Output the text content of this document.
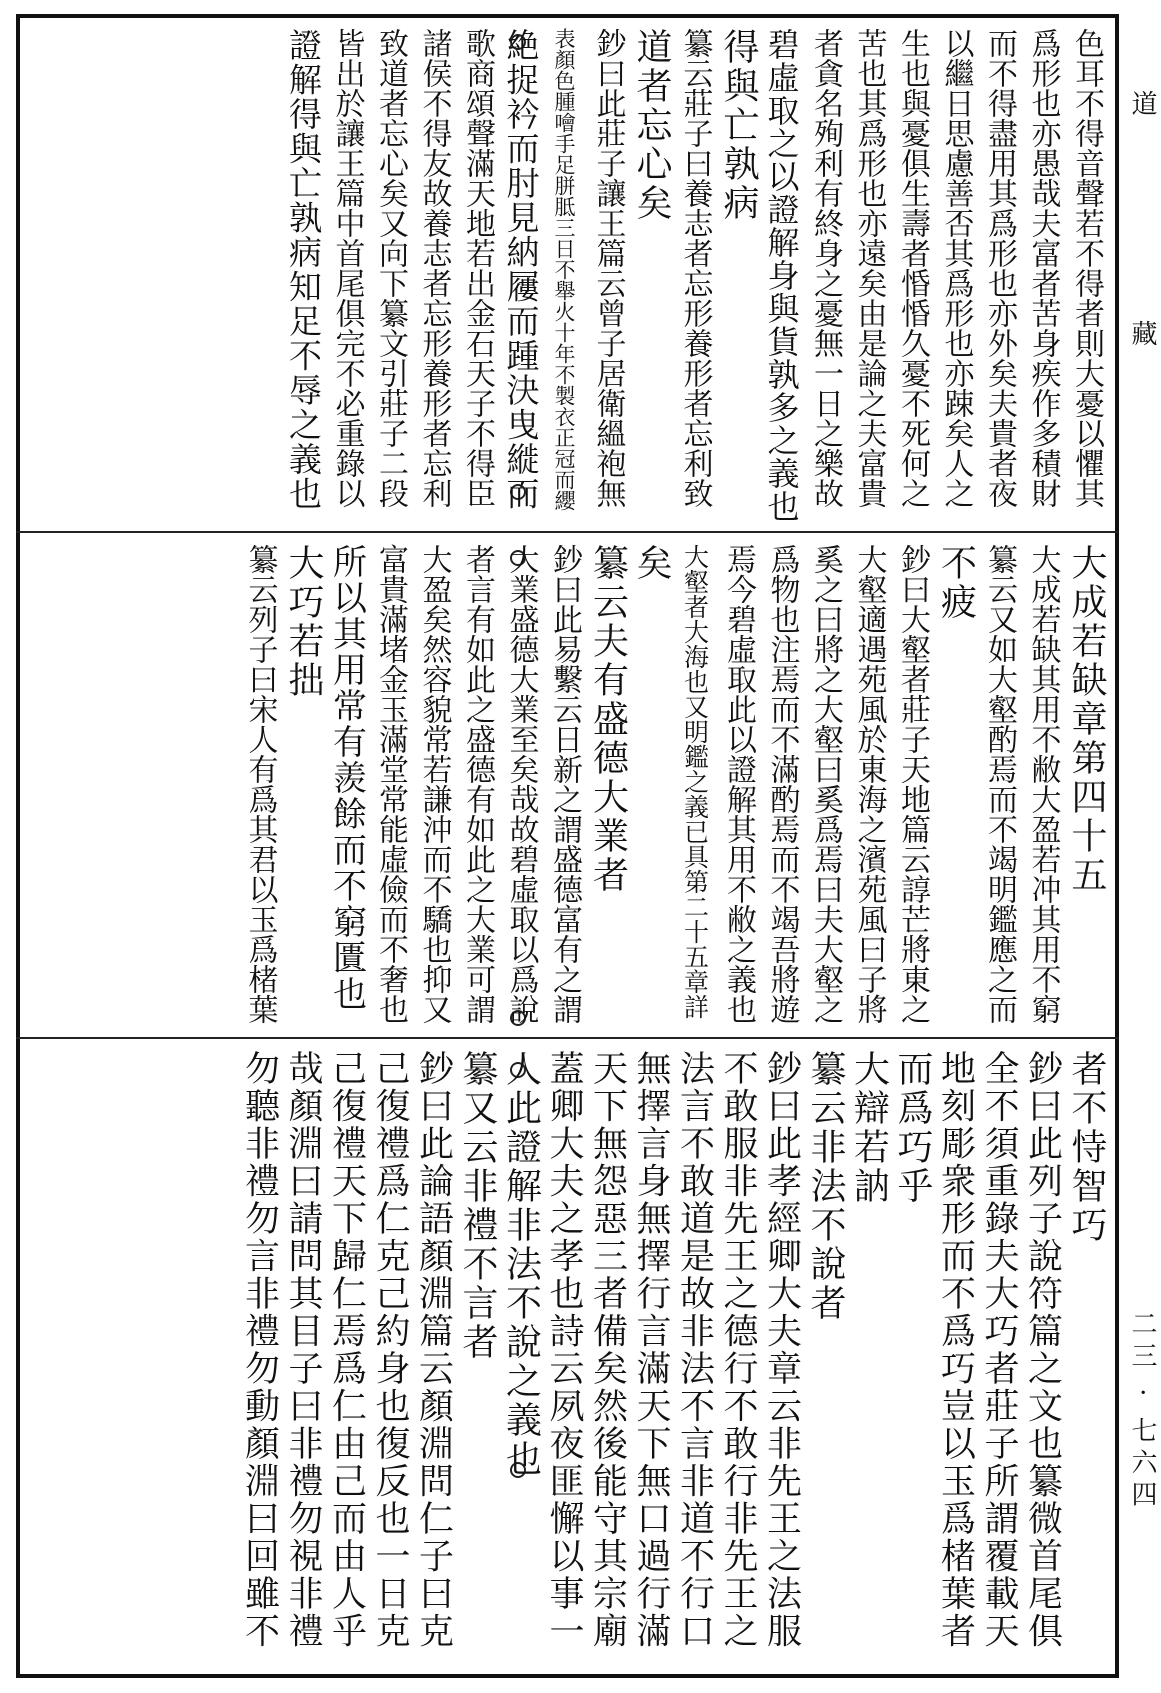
道
藏
二三 · 七六四
色耳不得音聲若不得者則大憂以懼其
爲形也亦愚哉夫富者苦身疾作多積財
而不得盡用其爲形也亦外矣夫貴者夜
以繼日思慮善否其爲形也亦踈矣人之
生也與憂俱生壽者惛惛久憂不死何之
苦也其爲形也亦遠矣由是論之夫富貴
者貪名殉利有終身之憂無一日之樂故
碧虛取之以證解身與貨孰多之義也
得與亡孰病
纂云莊子曰養志者忘形養形者忘利致
道者忘心矣
鈔曰此莊子讓王篇云曾子居衛縕袍無
表顏色腫噲手足胼胝三日不舉火十年不製衣正冠而纓
絶捉衿而肘見納屨而踵決曳縰而
歌商頌聲滿天地若出金石天子不得臣
諸侯不得友故養志者忘形養形者忘利
致道者忘心矣又向下纂文引莊子二段
皆出於讓王篇中首尾俱完不必重錄以
證解得與亡孰病知足不辱之義也
大成若缺章第四十五
大成若缺其用不敝大盈若冲其用不窮
纂云又如大壑酌焉而不竭明鑑應之而
不疲
鈔曰大壑者莊子天地篇云諄芒將東之
大壑適遇苑風於東海之濱苑風曰子將
奚之曰將之大壑曰奚爲焉曰夫大壑之
爲物也注焉而不滿酌焉而不竭吾將遊
焉今碧虛取此以證解其用不敝之義也
大壑者大海也又明鑑之義已具第二十五章詳
矣
纂云夫有盛德大業者
鈔曰此易繫云日新之謂盛德富有之謂
大業盛德大業至矣哉故碧虛取以爲說
者言有如此之盛德有如此之大業可謂
大盈矣然容貌常若謙沖而不驕也抑又
富貴滿堵金玉滿堂常能虛儉而不奢也
所以其用常有羨餘而不窮匱也
大巧若拙
纂云列子曰宋人有爲其君以玉爲楮葉
者不恃智巧
鈔曰此列子說符篇之文也纂微首尾俱
全不須重錄夫大巧者莊子所謂覆載天
地刻彫衆形而不爲巧豈以玉爲楮葉者
而爲巧乎
大辯若訥
纂云非法不說者
鈔曰此孝經卿大夫章云非先王之法服
不敢服非先王之德行不敢行非先王之
法言不敢道是故非法不言非道不行口
無擇言身無擇行言滿天下無口過行滿
天下無怨惡三者備矣然後能守其宗廟
蓋卿大夫之孝也詩云夙夜匪懈以事一
人此證解非法不說之義也
纂又云非禮不言者
鈔曰此論語顏淵篇云顏淵問仁子曰克
己復禮爲仁克己約身也復反也一日克
己復禮天下歸仁焉爲仁由己而由人乎
哉顏淵曰請問其目子曰非禮勿視非禮
勿聽非禮勿言非禮勿動顏淵曰回雖不
